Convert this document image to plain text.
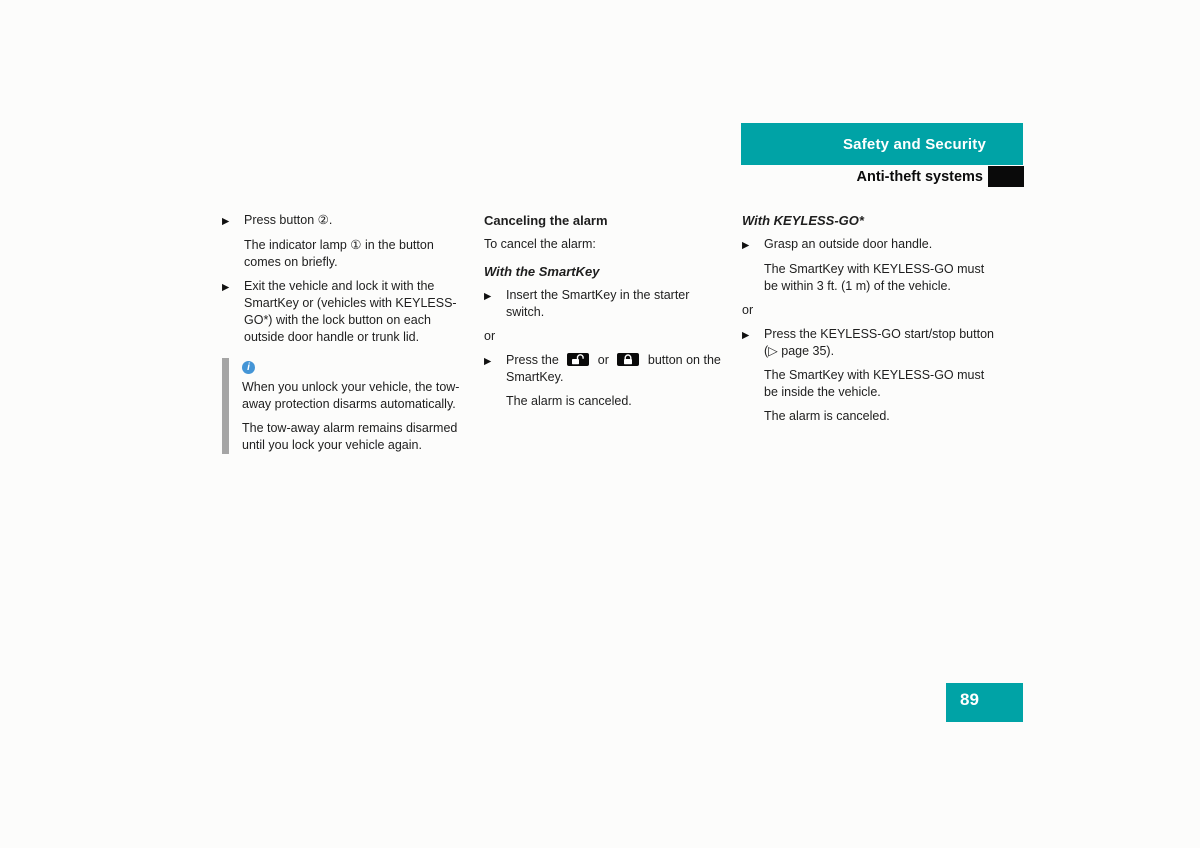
Safety and Security
Anti-theft systems
▶	Press button ②.

The indicator lamp ① in the button comes on briefly.

▶	Exit the vehicle and lock it with the SmartKey or (vehicles with KEYLESS-GO*) with the lock button on each outside door handle or trunk lid.
i

When you unlock your vehicle, the tow-away protection disarms automatically.

The tow-away alarm remains disarmed until you lock your vehicle again.

Canceling the alarm

To cancel the alarm:

With the SmartKey
▶	Insert the SmartKey in the starter switch.

or

▶	Press the	or	button on the SmartKey.

The alarm is canceled.

With KEYLESS-GO*
▶	Grasp an outside door handle.

The SmartKey with KEYLESS-GO must be within 3 ft. (1 m) of the vehicle.

or

▶	Press the KEYLESS-GO start/stop button (▷ page 35).

The SmartKey with KEYLESS-GO must be inside the vehicle.

The alarm is canceled.

89
